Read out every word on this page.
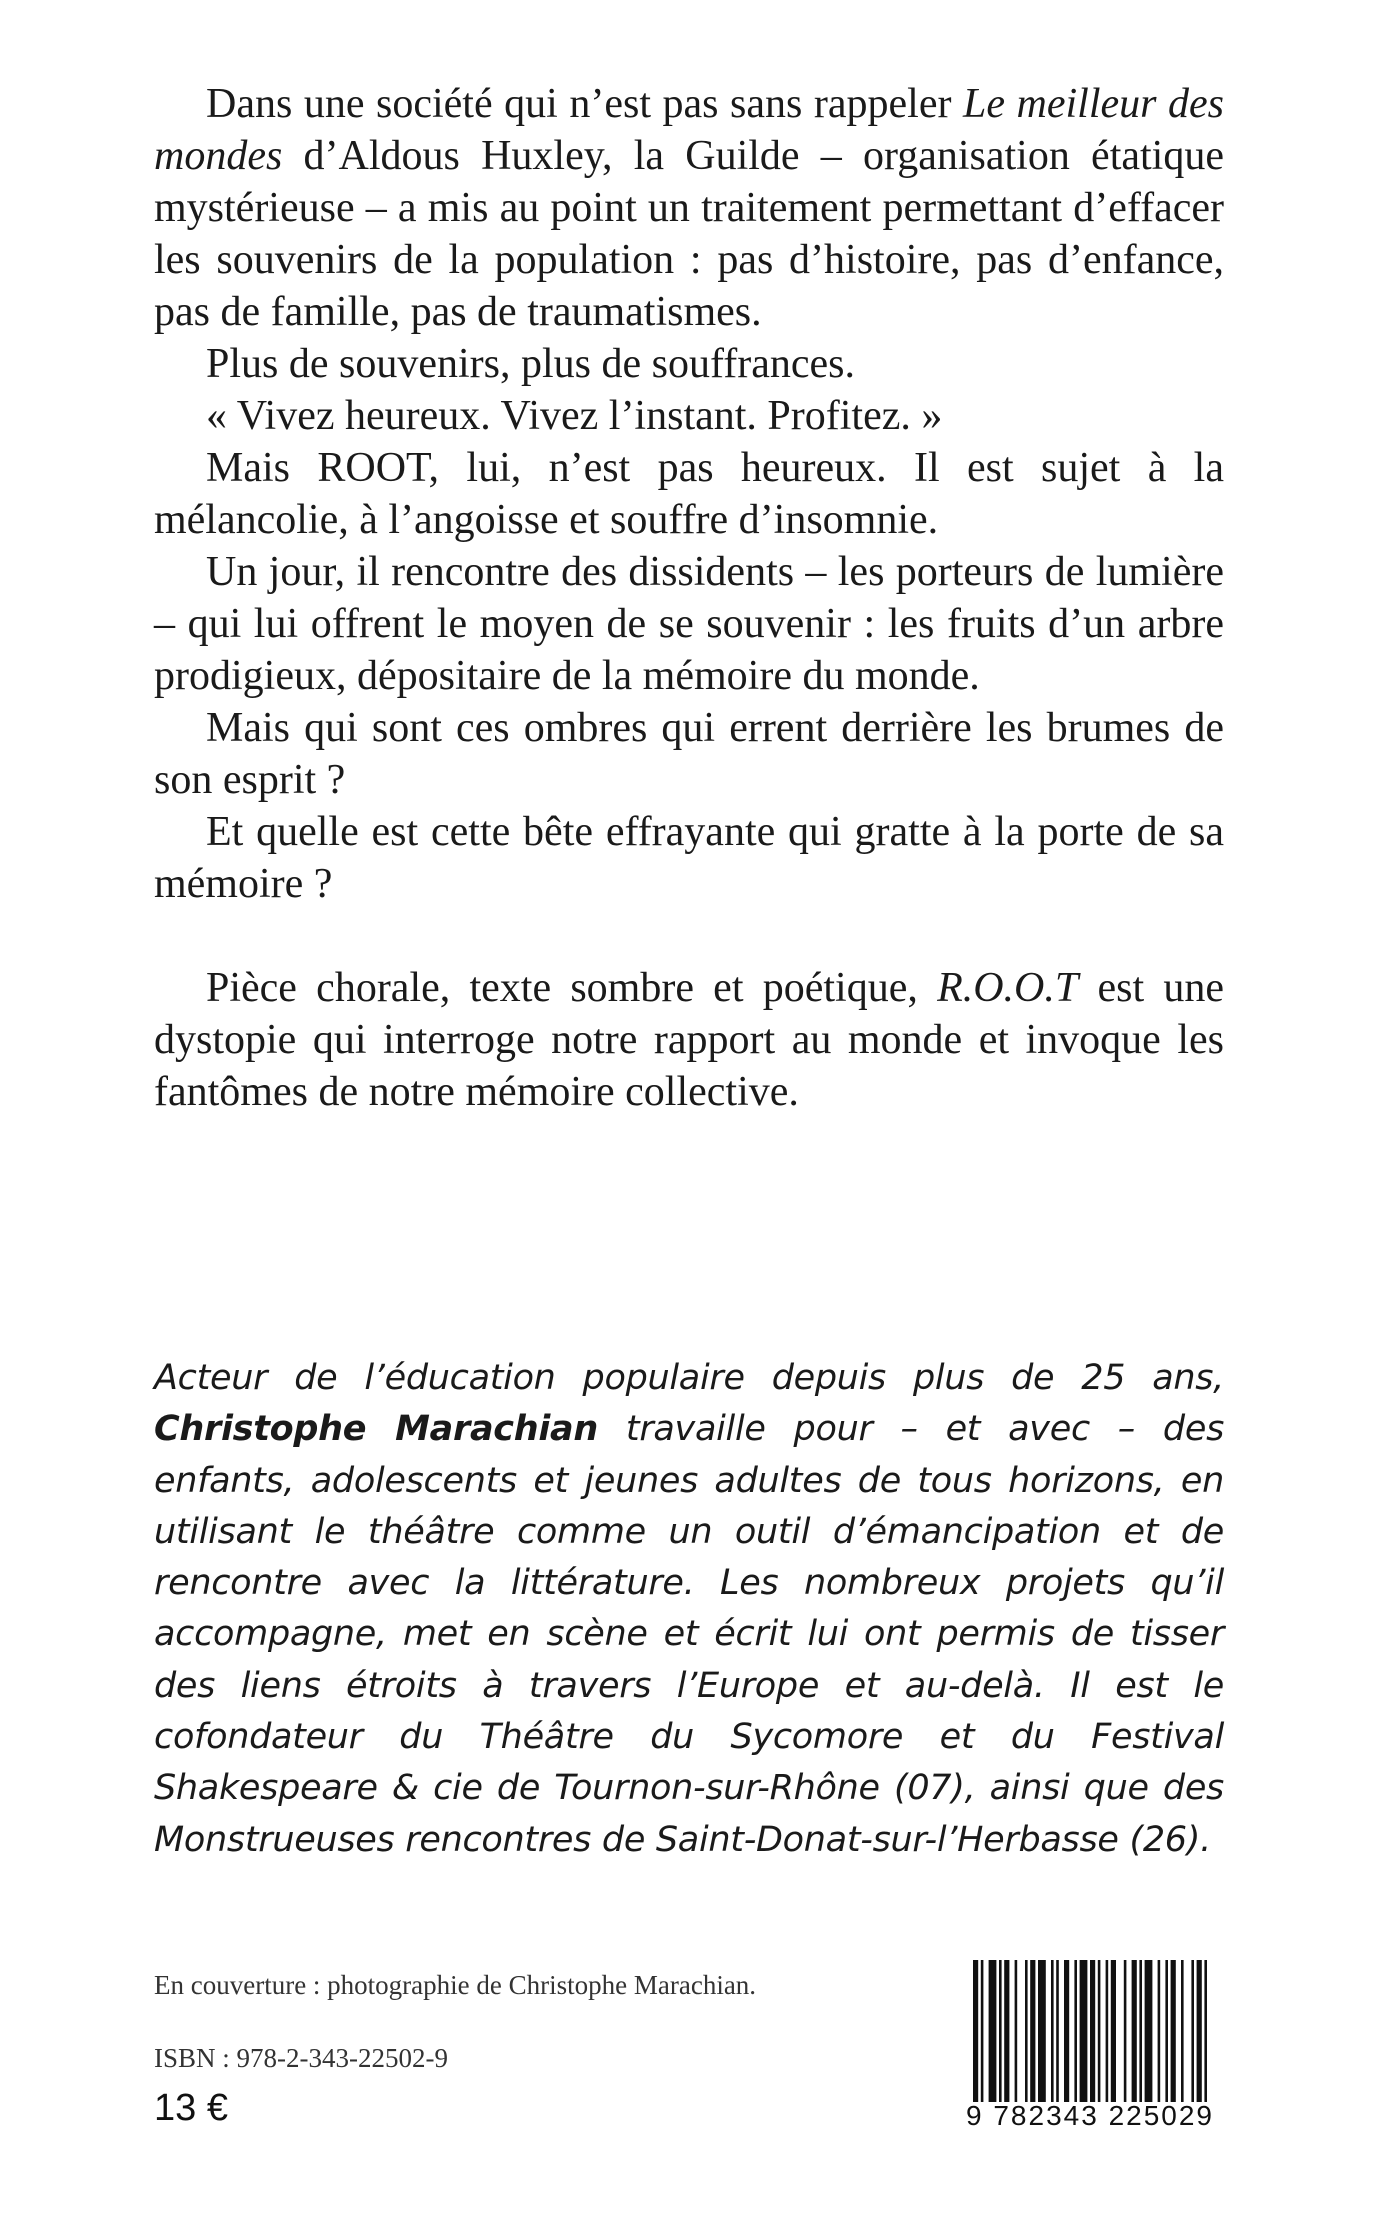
Dans une société qui n’est pas sans rappeler Le meilleur des mondes d’Aldous Huxley, la Guilde – organisation étatique mystérieuse – a mis au point un traitement permettant d’effacer les souvenirs de la population : pas d’histoire, pas d’enfance, pas de famille, pas de traumatismes.

Plus de souvenirs, plus de souffrances.

« Vivez heureux. Vivez l’instant. Profitez. »

Mais ROOT, lui, n’est pas heureux. Il est sujet à la mélancolie, à l’angoisse et souffre d’insomnie.

Un jour, il rencontre des dissidents – les porteurs de lumière – qui lui offrent le moyen de se souvenir : les fruits d’un arbre prodigieux, dépositaire de la mémoire du monde.

Mais qui sont ces ombres qui errent derrière les brumes de son esprit ?

Et quelle est cette bête effrayante qui gratte à la porte de sa mémoire ?

Pièce chorale, texte sombre et poétique, R.O.O.T est une dystopie qui interroge notre rapport au monde et invoque les fantômes de notre mémoire collective.

Acteur de l’éducation populaire depuis plus de 25 ans, Christophe Marachian travaille pour – et avec – des enfants, adolescents et jeunes adultes de tous horizons, en utilisant le théâtre comme un outil d’émancipation et de rencontre avec la littérature. Les nombreux projets qu’il accompagne, met en scène et écrit lui ont permis de tisser des liens étroits à travers l’Europe et au-delà. Il est le cofondateur du Théâtre du Sycomore et du Festival Shakespeare & cie de Tournon-sur-Rhône (07), ainsi que des Monstrueuses rencontres de Saint-Donat-sur-l’Herbasse (26).

En couverture : photographie de Christophe Marachian.
ISBN : 978-2-343-22502-9
13 €	9 782343 225029
